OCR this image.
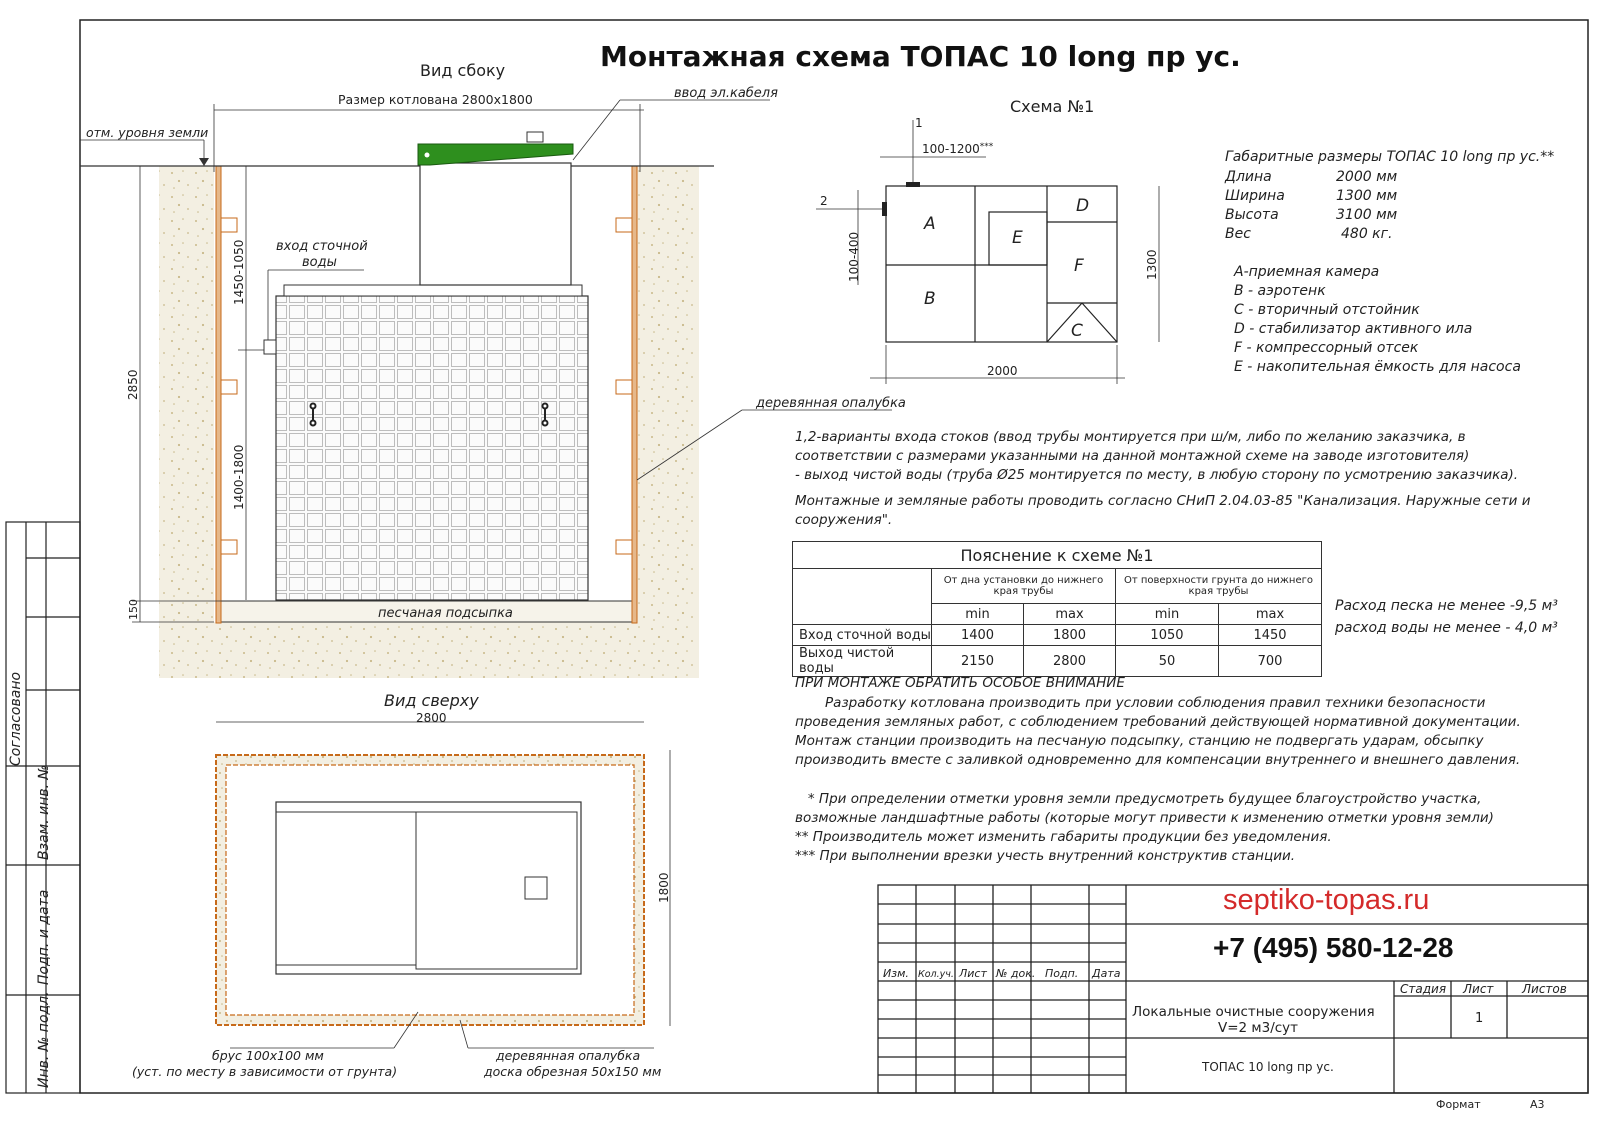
Согласовано
Взам. инв. №
Подп. и дата
Инв. № подл.
Вид сбоку
песчаная подсыпка
Размер котлована 2800х1800	ввод эл.кабеля
отм. уровня земли
вход сточной
воды
деревянная опалубка
2850
1450-1050
1400-1800
150
Вид сверху
2800
1800
брус 100х100 мм
(уст. по месту в зависимости от грунта)
деревянная опалубка
доска обрезная 50х150 мм
Схема №1
A
B
E
D
F
C
1
2
100-1200***
100-400	1300
2000
Изм. Кол.уч. Лист № док. Подп. Дата
Стадия Лист Листов
1
Локальные очистные сооружения
V=2 м3/сут
ТОПАС 10 long пр ус.
Формат	А3
Монтажная схема ТОПАС 10 long пр ус.
Габаритные размеры ТОПАС 10 long пр ус.**
Длина	2000 мм
Ширина	1300 мм
Высота	3100 мм
Вес	480 кг.
А-приемная камера
В - аэротенк
С - вторичный отстойник
D - стабилизатор активного ила
F - компрессорный отсек
Е - накопительная ёмкость для насоса
1,2-варианты входа стоков (ввод трубы монтируется при ш/м, либо по желанию заказчика, в
соответствии с размерами указанными на данной монтажной схеме на заводе изготовителя)
- выход чистой воды (труба Ø25 монтируется по месту, в любую сторону по усмотрению заказчика).
Монтажные и земляные работы проводить согласно СНиП 2.04.03-85 "Канализация. Наружные сети и
сооружения".
Пояснение к схеме №1				
	От дна установки до нижнего края трубы		От поверхности грунта до нижнего края трубы	
	min	max	min	max
Вход сточной воды	1400	1800	1050	1450
Выход чистой воды	2150	2800	50	700
Расход песка не менее -9,5 м³
расход воды не менее - 4,0 м³
ПРИ МОНТАЖЕ ОБРАТИТЬ ОСОБОЕ ВНИМАНИЕ
Разработку котлована производить при условии соблюдения правил техники безопасности
проведения земляных работ, с соблюдением требований действующей нормативной документации.
Монтаж станции производить на песчаную подсыпку, станцию не подвергать ударам, обсыпку
производить вместе с заливкой одновременно для компенсации внутреннего и внешнего давления.
* При определении отметки уровня земли предусмотреть будущее благоустройство участка,
возможные ландшафтные работы (которые могут привести к изменению отметки уровня земли)
** Производитель может изменить габариты продукции без уведомления.
*** При выполнении врезки учесть внутренний конструктив станции.
septiko-topas.ru
+7 (495) 580-12-28
